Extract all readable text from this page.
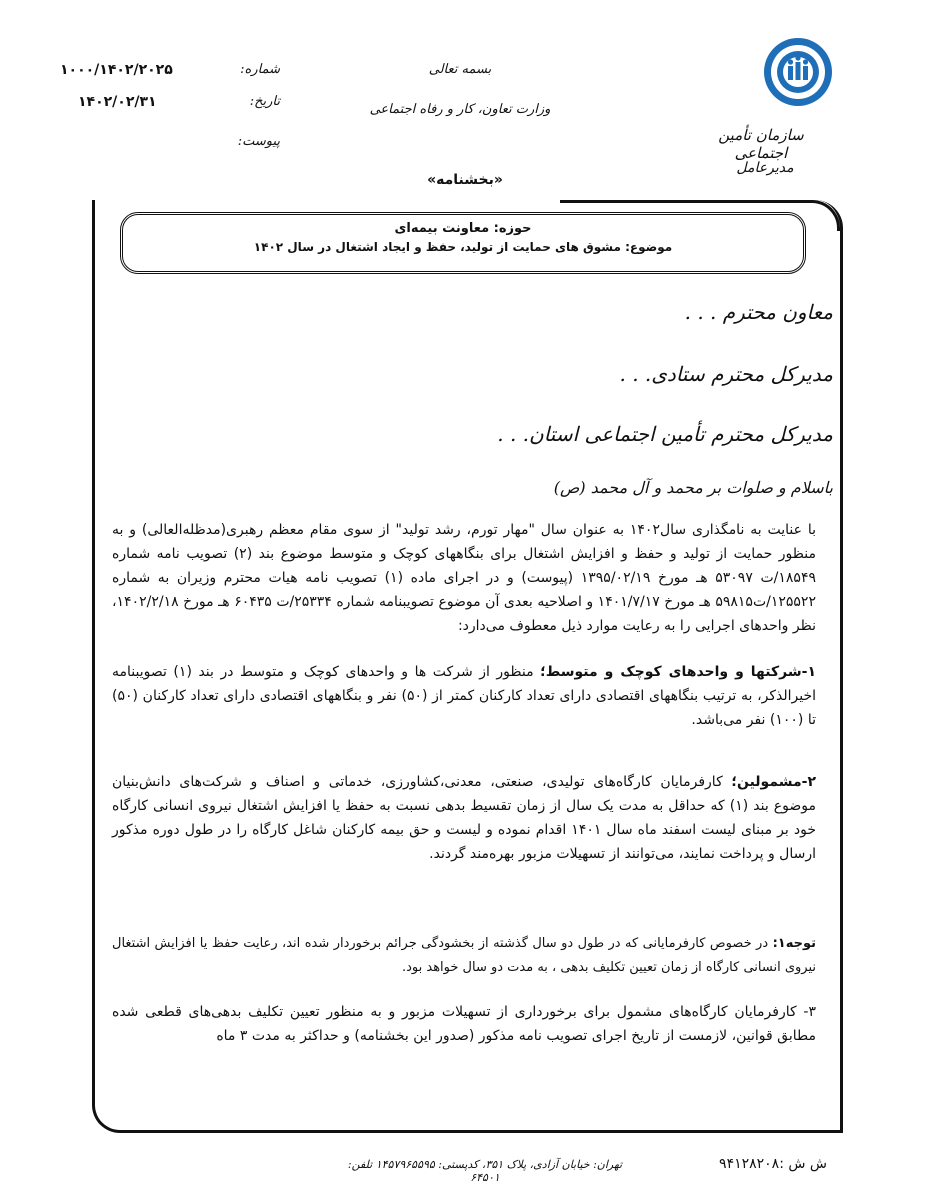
۱۰۰۰/۱۴۰۲/۲۰۲۵	شماره:
۱۴۰۲/۰۲/۳۱	تاریخ:
پیوست:
بسمه تعالی
وزارت تعاون، کار و رفاه اجتماعی
سازمان تأمین اجتماعی
مدیرعامل
«بخشنامه»
حوزه: معاونت بیمه‌ای
موضوع: مشوق های حمایت از تولید، حفظ و ایجاد اشتغال در سال ۱۴۰۲
معاون محترم . . .
مدیرکل محترم ستادی. . .
مدیرکل محترم تأمین اجتماعی استان. . .
باسلام و صلوات بر محمد و آل محمد (ص)
با عنایت به نامگذاری سال۱۴۰۲ به عنوان سال "مهار تورم، رشد تولید" از سوی مقام معظم رهبری(مدظله‌العالی) و به منظور حمایت از تولید و حفظ و افزایش اشتغال برای بنگاههای کوچک و متوسط موضوع بند (۲) تصویب نامه شماره ۱۸۵۴۹/ت ۵۳۰۹۷ هـ مورخ ۱۳۹۵/۰۲/۱۹ (پیوست) و در اجرای ماده (۱) تصویب نامه هیات محترم وزیران به شماره ۱۲۵۵۲۲/ت۵۹۸۱۵ هـ مورخ ۱۴۰۱/۷/۱۷ و اصلاحیه بعدی آن موضوع تصویبنامه شماره ۲۵۳۳۴/ت ۶۰۴۳۵ هـ مورخ ۱۴۰۲/۲/۱۸، نظر واحدهای اجرایی را به رعایت موارد ذیل معطوف می‌دارد:
۱-شرکتها و واحدهای کوچک و متوسط؛ منظور از شرکت ها و واحدهای کوچک و متوسط در بند (۱) تصویبنامه اخیرالذکر، به ترتیب بنگاههای اقتصادی دارای تعداد کارکنان کمتر از (۵۰) نفر و بنگاههای اقتصادی دارای تعداد کارکنان (۵۰) تا (۱۰۰) نفر می‌باشد.
۲-مشمولین؛ کارفرمایان کارگاه‌های تولیدی، صنعتی، معدنی،کشاورزی، خدماتی و اصناف و شرکت‌های دانش‌بنیان موضوع بند (۱) که حداقل به مدت یک سال از زمان تقسیط بدهی نسبت به حفظ یا افزایش اشتغال نیروی انسانی کارگاه خود بر مبنای لیست اسفند ماه سال ۱۴۰۱ اقدام نموده و لیست و حق بیمه کارکنان شاغل کارگاه را در طول دوره مذکور ارسال و پرداخت نمایند، می‌توانند از تسهیلات مزبور بهره‌مند گردند.
توجه۱: در خصوص کارفرمایانی که در طول دو سال گذشته از بخشودگی جرائم برخوردار شده اند، رعایت حفظ یا افزایش اشتغال نیروی انسانی کارگاه از زمان تعیین تکلیف بدهی ، به مدت دو سال خواهد بود.
۳- کارفرمایان کارگاه‌های مشمول برای برخورداری از تسهیلات مزبور و به منظور تعیین تکلیف بدهی‌های قطعی شده مطابق قوانین، لازمست از تاریخ اجرای تصویب نامه مذکور (صدور این بخشنامه) و حداکثر به مدت ۳ ماه
ش ش :۹۴۱۲۸۲۰۸
تهران: خیابان آزادی، پلاک ۳۵۱، کدپستی: ۱۴۵۷۹۶۵۵۹۵ تلفن: ۶۴۵۰۱
